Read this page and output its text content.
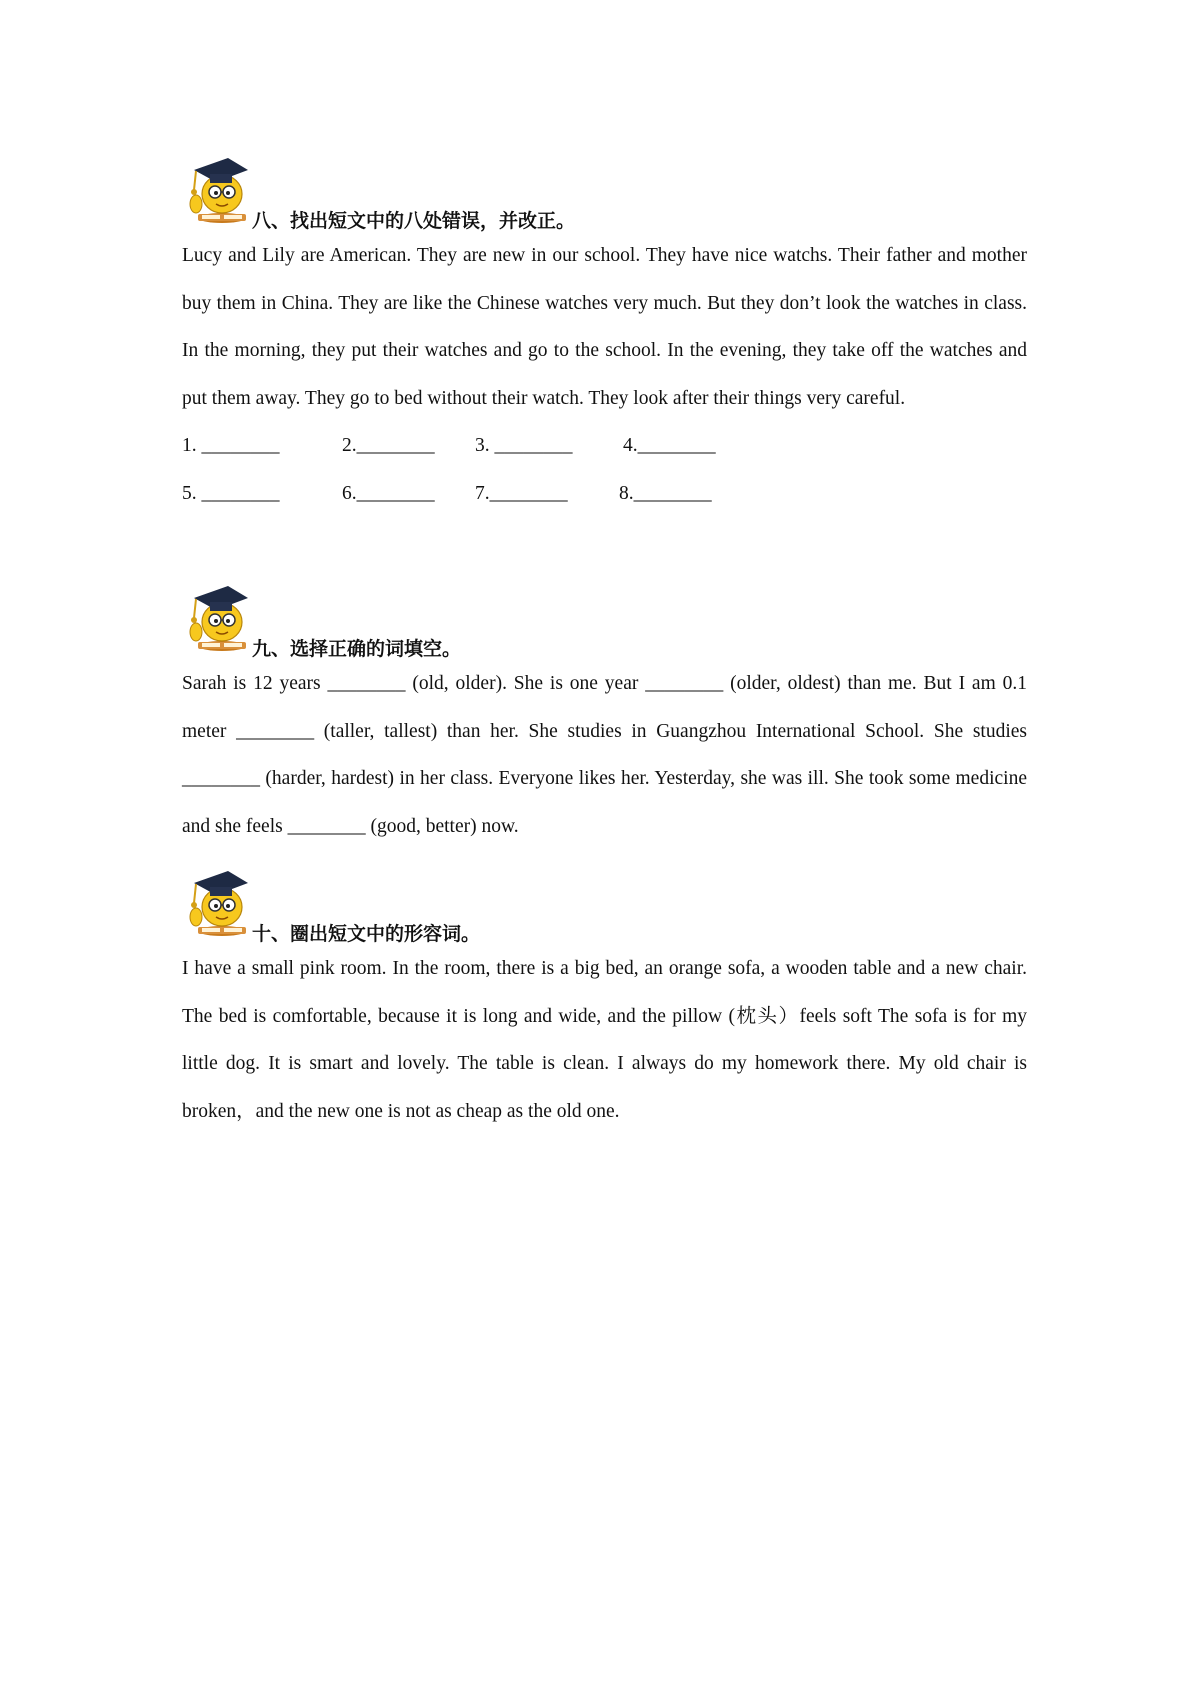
八、找出短文中的八处错误，并改正。

Lucy and Lily are American. They are new in our school. They have nice watchs. Their father and mother buy them in China. They are like the Chinese watches very much. But they don’t look the watches in class. In the morning, they put their watches and go to the school. In the evening, they take off the watches and put them away. They go to bed without their watch. They look after their things very careful.

1. ________	2.________ 3. ________	4.________
5. ________	6.________ 7.________	8.________
九、选择正确的词填空。

Sarah is 12 years ________ (old, older). She is one year ________ (older, oldest) than me. But I am 0.1 meter ________ (taller, tallest) than her. She studies in Guangzhou International School. She studies ________ (harder, hardest) in her class. Everyone likes her. Yesterday, she was ill. She took some medicine and she feels ________ (good, better) now.

十、圈出短文中的形容词。

I have a small pink room. In the room, there is a big bed, an orange sofa, a wooden table and a new chair. The bed is comfortable, because it is long and wide, and the pillow (枕头）feels soft The sofa is for my little dog. It is smart and lovely. The table is clean. I always do my homework there. My old chair is broken，and the new one is not as cheap as the old one.
